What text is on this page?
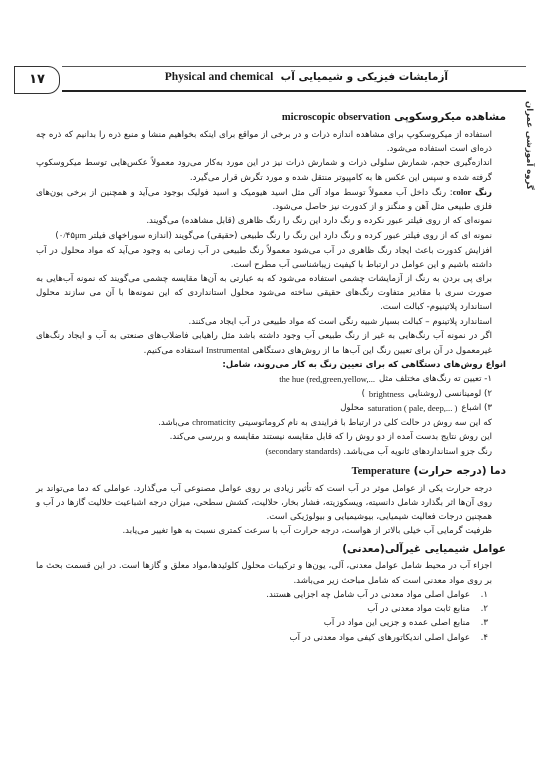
۱۷	آزمایشات فیزیکی و شیمیایی آب  Physical and chemical
گروه آموزشی عمران
مشاهده میکروسکوپی microscopic observation

استفاده از میکروسکوپ برای مشاهده اندازه ذرات و در برخی از مواقع برای اینکه بخواهیم منشا و منبع ذره را بدانیم که ذره چه ذره‌ای است استفاده می‌شود.

اندازه‌گیری حجم، شمارش سلولی ذرات و شمارش ذرات نیز در این مورد به‌کار می‌رود معمولاً عکس‌هایی توسط میکروسکوپ گرفته شده و سپس این عکس ها به کامپیوتر منتقل شده و مورد تگرش قرار می‌گیرد.

رنگ color: رنگ داخل آب معمولاً توسط مواد آلی مثل اسید هیومیک و اسید فولیک بوجود می‌آید و همچنین از برخی یون‌های فلزی طبیعی مثل آهن و منگنز و از کدورت نیز حاصل می‌شود.

نمونه‌ای که از روی فیلتر عبور نکرده و رنگ دارد این رنگ را رنگ ظاهری (قابل مشاهده) می‌گویند.

نمونه ای که از روی فیلتر عبور کرده و رنگ دارد این رنگ را رنگ طبیعی (حقیقی) می‌گویند (اندازه سوراخهای فیلتر ۰/۴۵μm)

افزایش کدورت باعث ایجاد رنگ ظاهری در آب می‌شود معمولاً رنگ طبیعی در آب زمانی به وجود می‌آید که مواد محلول در آب داشته باشیم و این عوامل در ارتباط با کیفیت زیباشناسی آب مطرح است.

برای پی بردن به رنگ از آزمایشات چشمی استفاده می‌شود که به عبارتی به آن‌ها مقایسه چشمی می‌گویند که نمونه آب‌هایی به صورت سری با مقادیر متفاوت رنگ‌های حقیقی ساخته می‌شود محلول استانداردی که این نمونه‌ها با آن می سازند محلول استاندارد پلاتینیوم- کبالت است.

استاندارد پلاتینوم – کبالت بسیار شبیه رنگی است که مواد طبیعی در آب ایجاد می‌کنند.

اگر در نمونه آب رنگ‌هایی به غیر از رنگ طبیعی آب وجود داشته باشد مثل راهیابی فاضلاب‌های صنعتی به آب و ایجاد رنگ‌های غیرمعمول در آن برای تعیین رنگ این آب‌ها ما از روش‌های دستگاهی Instrumental استفاده می‌کنیم.

انواع روش‌های دستگاهی که برای تعیین رنگ به کار می‌روند، شامل:

۱- تعیین ته رنگ‌های مختلف مثل
the hue (red,green,yellow,...
۲) لومینانسی (روشنایی
brightness
)
۳) اشباع
saturation ( pale, deep,... )
محلول

که این سه روش در حالت کلی در ارتباط با فرایندی به نام کروماتوسیتی chromaticity می‌باشد.

این روش نتایج بدست آمده از دو روش را که قابل مقایسه نیستند مقایسه و بررسی می‌کند.

رنگ جزو استانداردهای ثانویه آب می‌باشد. (secondary standards)

دما (درجه حرارت) Temperature

درجه حرارت یکی از عوامل موثر در آب است که تأثیر زیادی بر روی عوامل مصنوعی آب می‌گذارد. عواملی که دما می‌تواند بر روی آن‌ها اثر بگذارد شامل دانسیته، ویسکوزیته، فشار بخار، حلالیت، کشش سطحی، میزان درجه اشباعیت حلالیت گازها در آب و همچنین درجات فعالیت شیمیایی، بیوشیمیایی و بیولوژیکی است.

ظرفیت گرمایی آب خیلی بالاتر از هواست، درجه حرارت آب با سرعت کمتری نسبت به هوا تغییر می‌یابد.

عوامل شیمیایی غیرآلی(معدنی)

اجزاء آب در محیط شامل عوامل معدنی، آلی، یون‌ها و ترکیبات محلول کلوئیدها،مواد معلق و گازها است. در این قسمت بحث ما بر روی مواد معدنی است که شامل مباحث زیر می‌باشد.

۱.
عوامل اصلی مواد معدنی در آب شامل چه اجزایی هستند.
۲.
منابع ثابت مواد معدنی در آب
۳.
منابع اصلی عمده و جزیی این مواد در آب
۴.
عوامل اصلی اندیکاتورهای کیفی مواد معدنی در آب
